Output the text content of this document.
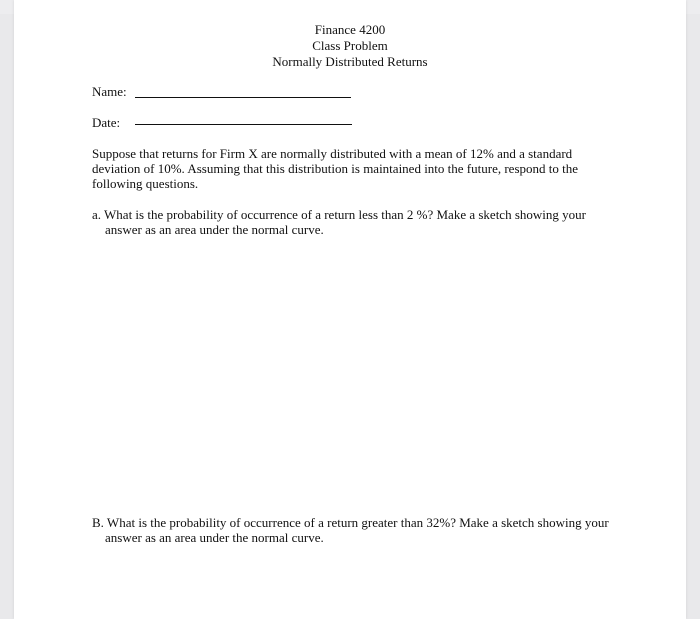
Finance 4200
Class Problem
Normally Distributed Returns
Name:
Date:
Suppose that returns for Firm X are normally distributed with a mean of 12% and a standard deviation of 10%. Assuming that this distribution is maintained into the future, respond to the following questions.
a. What is the probability of occurrence of a return less than 2 %? Make a sketch showing your answer as an area under the normal curve.
B. What is the probability of occurrence of a return greater than 32%? Make a sketch showing your answer as an area under the normal curve.
